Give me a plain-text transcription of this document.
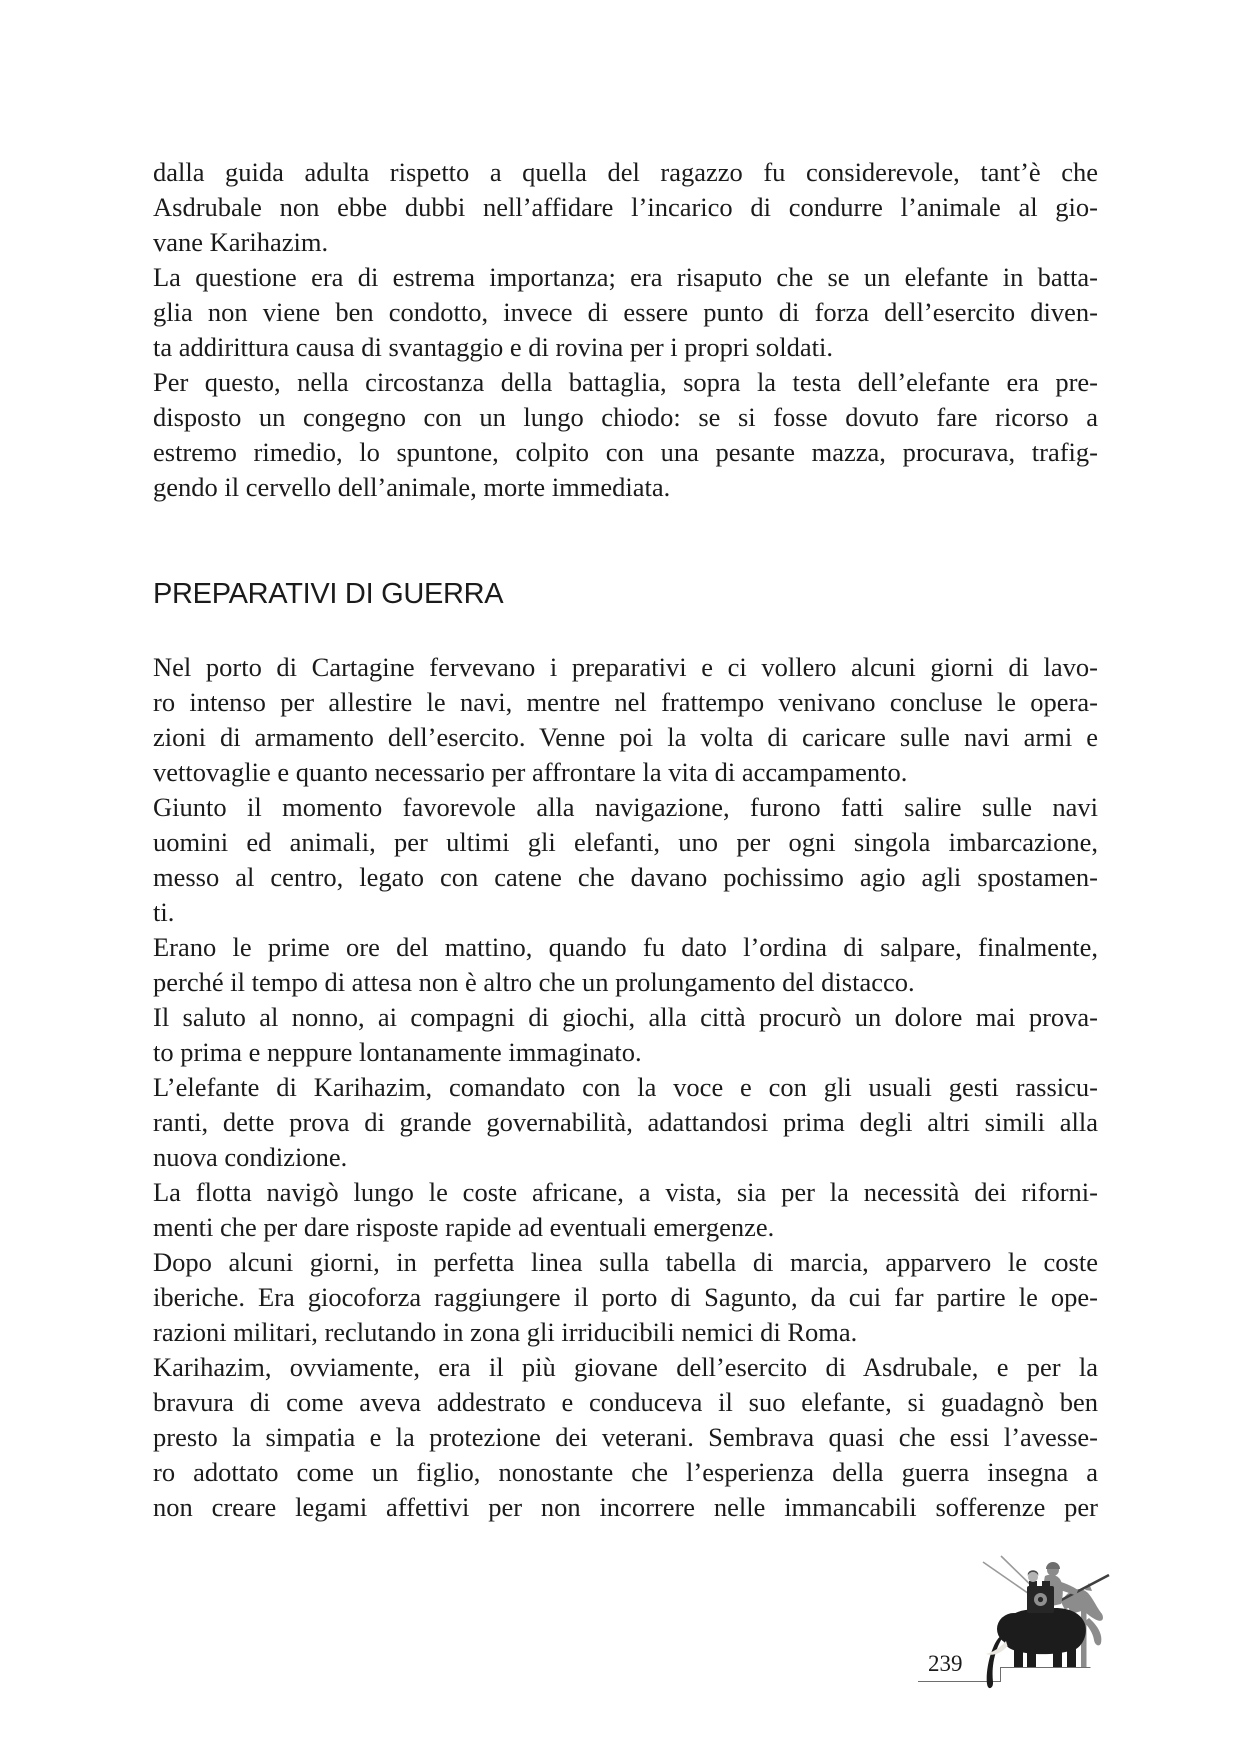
dalla guida adulta rispetto a quella del ragazzo fu considerevole, tant’è che
Asdrubale non ebbe dubbi nell’affidare l’incarico di condurre l’animale al gio-
vane Karihazim.
La questione era di estrema importanza; era risaputo che se un elefante in batta-
glia non viene ben condotto, invece di essere punto di forza dell’esercito diven-
ta addirittura causa di svantaggio e di rovina per i propri soldati.
Per questo, nella circostanza della battaglia, sopra la testa dell’elefante era pre-
disposto un congegno con un lungo chiodo: se si fosse dovuto fare ricorso a
estremo rimedio, lo spuntone, colpito con una pesante mazza, procurava, trafig-
gendo il cervello dell’animale, morte immediata.
PREPARATIVI DI GUERRA
Nel porto di Cartagine fervevano i preparativi e ci vollero alcuni giorni di lavo-
ro intenso per allestire le navi, mentre nel frattempo venivano concluse le opera-
zioni di armamento dell’esercito. Venne poi la volta di caricare sulle navi armi e
vettovaglie e quanto necessario per affrontare la vita di accampamento.
Giunto il momento favorevole alla navigazione, furono fatti salire sulle navi
uomini ed animali, per ultimi gli elefanti, uno per ogni singola imbarcazione,
messo al centro, legato con catene che davano pochissimo agio agli spostamen-
ti.
Erano le prime ore del mattino, quando fu dato l’ordina di salpare, finalmente,
perché il tempo di attesa non è altro che un prolungamento del distacco.
Il saluto al nonno, ai compagni di giochi, alla città procurò un dolore mai prova-
to prima e neppure lontanamente immaginato.
L’elefante di Karihazim, comandato con la voce e con gli usuali gesti rassicu-
ranti, dette prova di grande governabilità, adattandosi prima degli altri simili alla
nuova condizione.
La flotta navigò lungo le coste africane, a vista, sia per la necessità dei riforni-
menti che per dare risposte rapide ad eventuali emergenze.
Dopo alcuni giorni, in perfetta linea sulla tabella di marcia, apparvero le coste
iberiche. Era giocoforza raggiungere il porto di Sagunto, da cui far partire le ope-
razioni militari, reclutando in zona gli irriducibili nemici di Roma.
Karihazim, ovviamente, era il più giovane dell’esercito di Asdrubale, e per la
bravura di come aveva addestrato e conduceva il suo elefante, si guadagnò ben
presto la simpatia e la protezione dei veterani. Sembrava quasi che essi l’avesse-
ro adottato come un figlio, nonostante che l’esperienza della guerra insegna a
non creare legami affettivi per non incorrere nelle immancabili sofferenze per
239
